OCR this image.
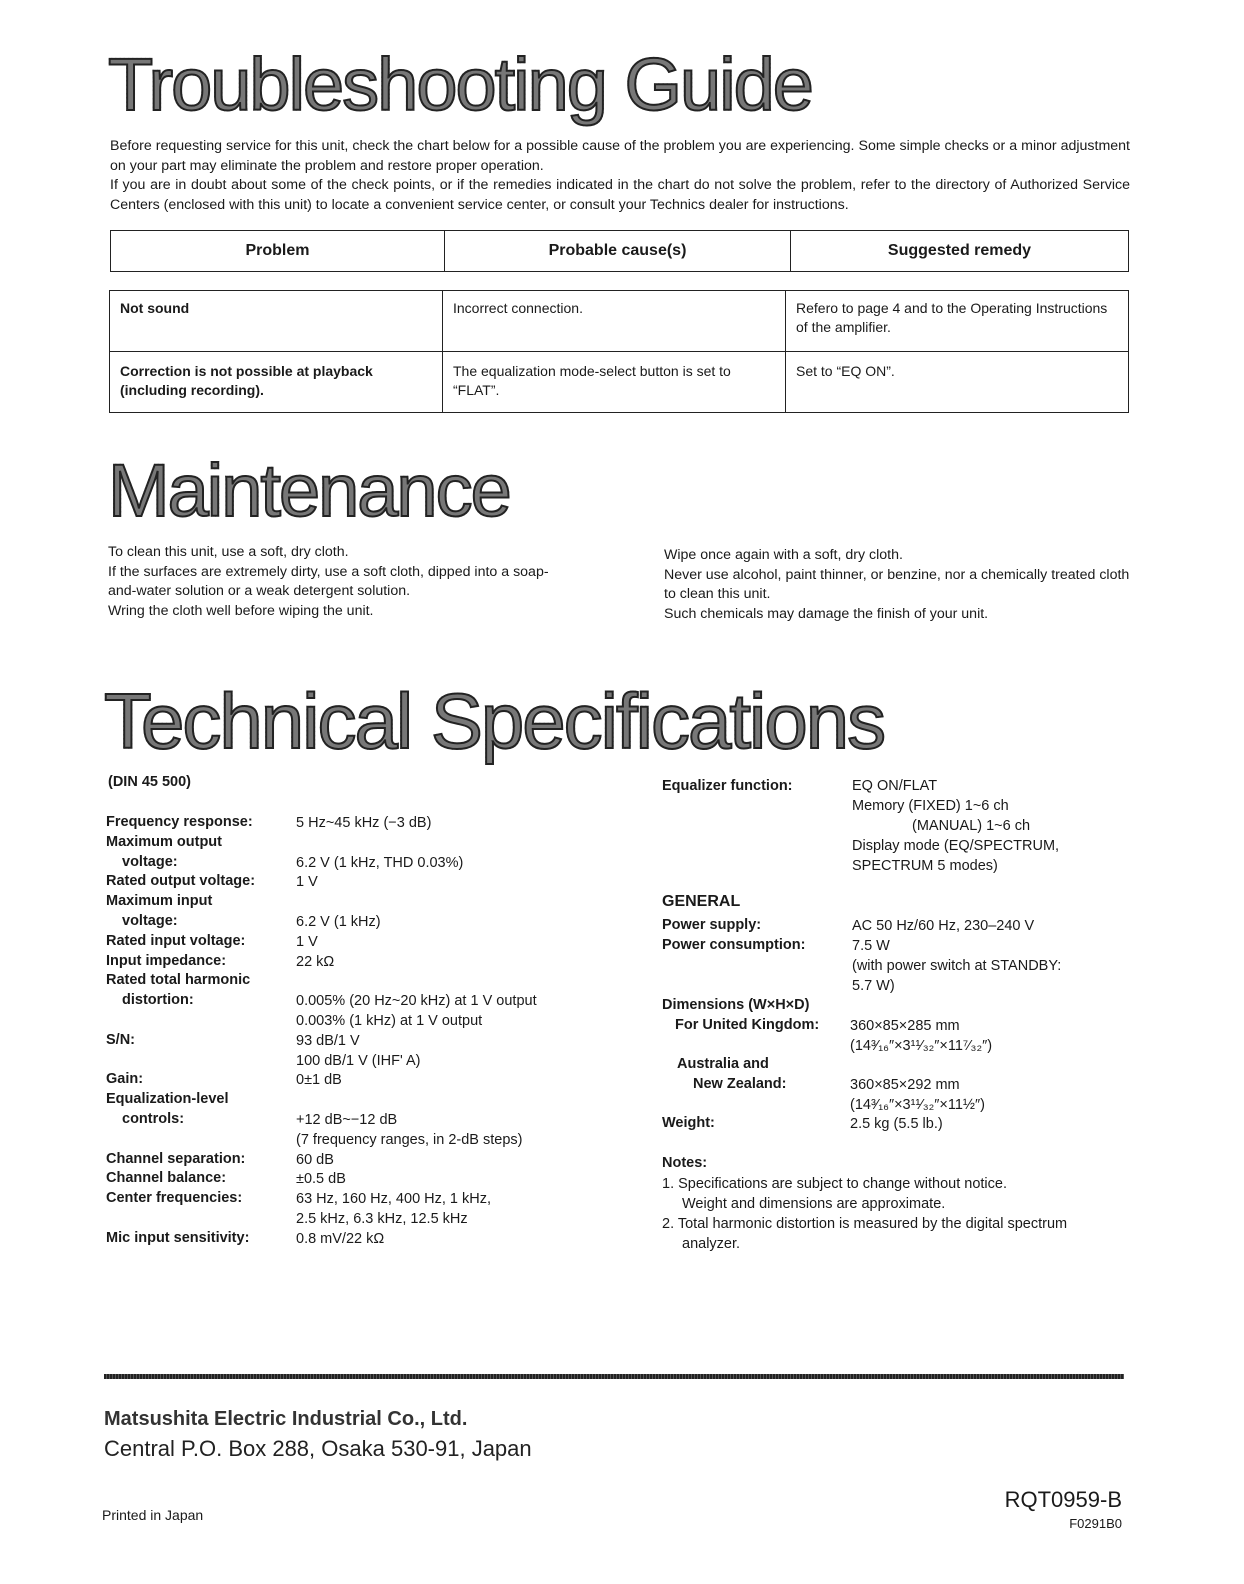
Troubleshooting Guide

Before requesting service for this unit, check the chart below for a possible cause of the problem you are experiencing. Some simple checks or a minor adjustment on your part may eliminate the problem and restore proper operation.

If you are in doubt about some of the check points, or if the remedies indicated in the chart do not solve the problem, refer to the directory of Authorized Service Centers (enclosed with this unit) to locate a convenient service center, or consult your Technics dealer for instructions.

Problem	Probable cause(s)	Suggested remedy
Not sound	Incorrect connection.	Refero to page 4 and to the Operating Instructions of the amplifier.
Correction is not possible at playback (including recording).	The equalization mode-select button is set to “FLAT”.	Set to “EQ ON”.
Maintenance

To clean this unit, use a soft, dry cloth.

If the surfaces are extremely dirty, use a soft cloth, dipped into a soap-and-water solution or a weak detergent solution.

Wring the cloth well before wiping the unit.

Wipe once again with a soft, dry cloth.

Never use alcohol, paint thinner, or benzine, nor a chemically treated cloth to clean this unit.

Such chemicals may damage the finish of your unit.

Technical Specifications
(DIN 45 500)
Frequency response:	5 Hz~45 kHz (−3 dB)
Maximum output
voltage:	6.2 V (1 kHz, THD 0.03%)
Rated output voltage:	1 V
Maximum input
voltage:	6.2 V (1 kHz)
Rated input voltage:	1 V
Input impedance:	22 kΩ
Rated total harmonic
distortion:	0.005% (20 Hz~20 kHz) at 1 V output
0.003% (1 kHz) at 1 V output
S/N:	93 dB/1 V
100 dB/1 V (IHF' A)
Gain:	0±1 dB
Equalization-level
controls:	+12 dB~−12 dB
(7 frequency ranges, in 2-dB steps)
Channel separation:	60 dB
Channel balance:	±0.5 dB
Center frequencies:	63 Hz, 160 Hz, 400 Hz, 1 kHz,
2.5 kHz, 6.3 kHz, 12.5 kHz
Mic input sensitivity:	0.8 mV/22 kΩ
Equalizer function:	EQ ON/FLAT
Memory (FIXED) 1~6 ch
(MANUAL) 1~6 ch
Display mode (EQ/SPECTRUM,
SPECTRUM 5 modes)
GENERAL
Power supply:	AC 50 Hz/60 Hz, 230–240 V
Power consumption:	7.5 W
(with power switch at STANDBY:
5.7 W)
Dimensions (W×H×D)
For United Kingdom: 360×85×285 mm
(14³⁄₁₆″×3¹¹⁄₃₂″×11⁷⁄₃₂″)
Australia and
New Zealand:	360×85×292 mm
(14³⁄₁₆″×3¹¹⁄₃₂″×11½″)
Weight:	2.5 kg (5.5 lb.)
Notes:
1. Specifications are subject to change without notice.
Weight and dimensions are approximate.
2. Total harmonic distortion is measured by the digital spectrum
analyzer.
Matsushita Electric Industrial Co., Ltd.
Central P.O. Box 288, Osaka 530-91, Japan
Printed in Japan
RQT0959-B
F0291B0
